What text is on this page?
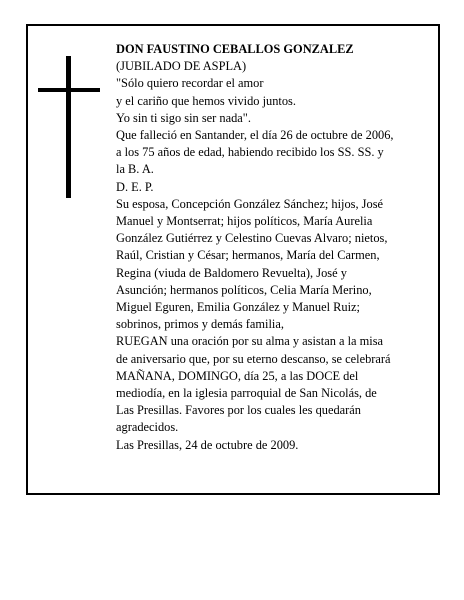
DON FAUSTINO CEBALLOS GONZALEZ
(JUBILADO DE ASPLA)
"Sólo quiero recordar el amor
y el cariño que hemos vivido juntos.
Yo sin ti sigo sin ser nada".
Que falleció en Santander, el día 26 de octubre de 2006,
a los 75 años de edad, habiendo recibido los SS. SS. y
la B. A.
D. E. P.
Su esposa, Concepción González Sánchez; hijos, José
Manuel y Montserrat; hijos políticos, María Aurelia
González Gutiérrez y Celestino Cuevas Alvaro; nietos,
Raúl, Cristian y César; hermanos, María del Carmen,
Regina (viuda de Baldomero Revuelta), José y
Asunción; hermanos políticos, Celia María Merino,
Miguel Eguren, Emilia González y Manuel Ruiz;
sobrinos, primos y demás familia,
RUEGAN una oración por su alma y asistan a la misa
de aniversario que, por su eterno descanso, se celebrará
MAÑANA, DOMINGO, día 25, a las DOCE del
mediodía, en la iglesia parroquial de San Nicolás, de
Las Presillas. Favores por los cuales les quedarán
agradecidos.
Las Presillas, 24 de octubre de 2009.
